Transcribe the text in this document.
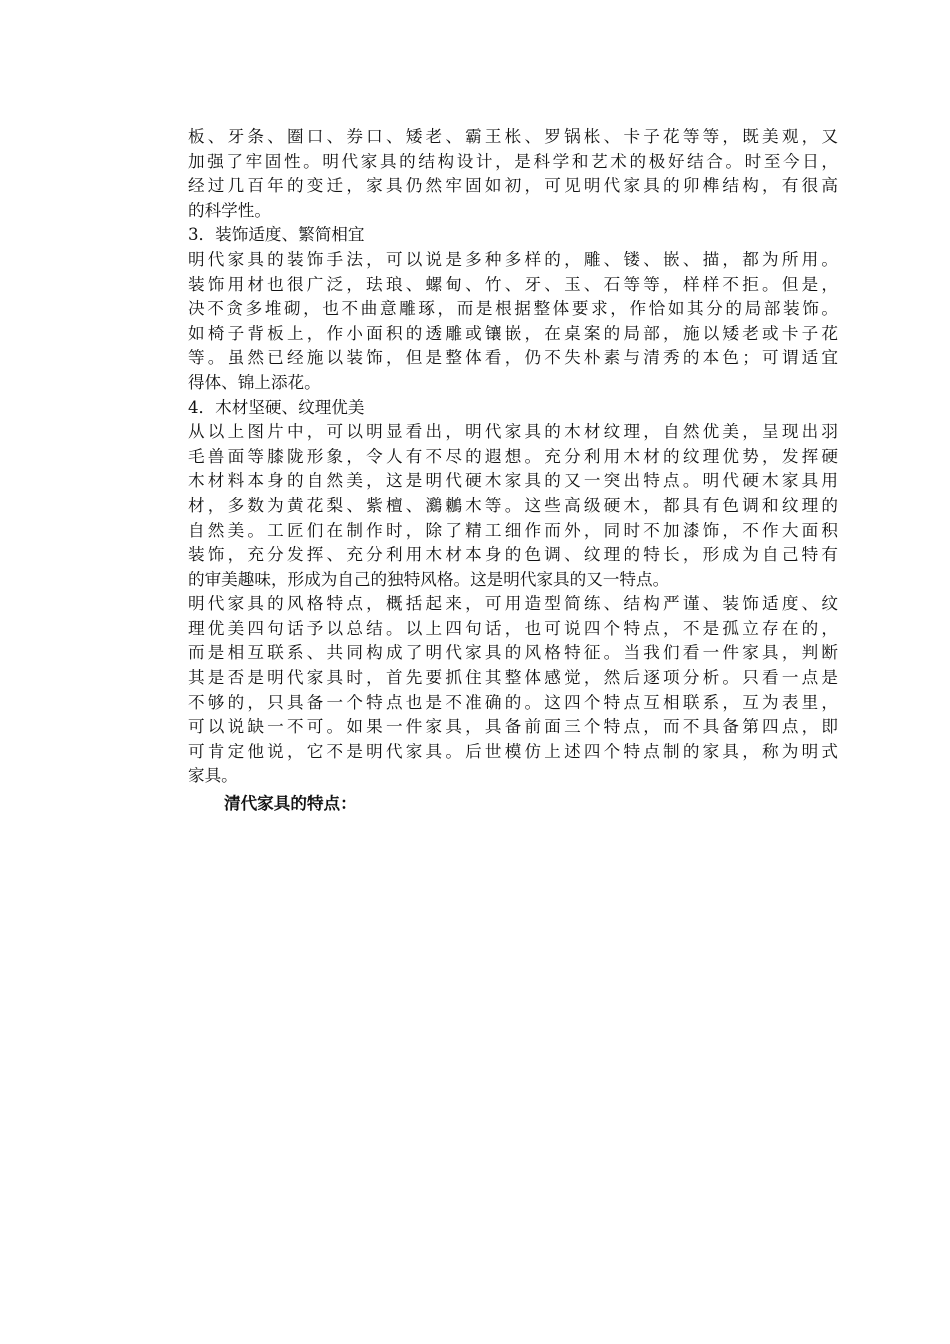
板、牙条、圈口、券口、矮老、霸王枨、罗锅枨、卡子花等等，既美观，又
加强了牢固性。明代家具的结构设计，是科学和艺术的极好结合。时至今日，
经过几百年的变迁，家具仍然牢固如初，可见明代家具的卯榫结构，有很高
的科学性。
3．装饰适度、繁简相宜
明代家具的装饰手法，可以说是多种多样的，雕、镂、嵌、描，都为所用。
装饰用材也很广泛，珐琅、螺甸、竹、牙、玉、石等等，样样不拒。但是，
决不贪多堆砌，也不曲意雕琢，而是根据整体要求，作恰如其分的局部装饰。
如椅子背板上，作小面积的透雕或镶嵌，在桌案的局部，施以矮老或卡子花
等。虽然已经施以装饰，但是整体看，仍不失朴素与清秀的本色；可谓适宜
得体、锦上添花。
4．木材坚硬、纹理优美
从以上图片中，可以明显看出，明代家具的木材纹理，自然优美，呈现出羽
毛兽面等膝陇形象，令人有不尽的遐想。充分利用木材的纹理优势，发挥硬
木材料本身的自然美，这是明代硬木家具的又一突出特点。明代硬木家具用
材，多数为黄花梨、紫檀、鸂鶒木等。这些高级硬木，都具有色调和纹理的
自然美。工匠们在制作时，除了精工细作而外，同时不加漆饰，不作大面积
装饰，充分发挥、充分利用木材本身的色调、纹理的特长，形成为自己特有
的审美趣味，形成为自己的独特风格。这是明代家具的又一特点。
明代家具的风格特点，概括起来，可用造型简练、结构严谨、装饰适度、纹
理优美四句话予以总结。以上四句话，也可说四个特点，不是孤立存在的，
而是相互联系、共同构成了明代家具的风格特征。当我们看一件家具，判断
其是否是明代家具时，首先要抓住其整体感觉，然后逐项分析。只看一点是
不够的，只具备一个特点也是不准确的。这四个特点互相联系，互为表里，
可以说缺一不可。如果一件家具，具备前面三个特点，而不具备第四点，即
可肯定他说，它不是明代家具。后世模仿上述四个特点制的家具，称为明式
家具。
清代家具的特点：
